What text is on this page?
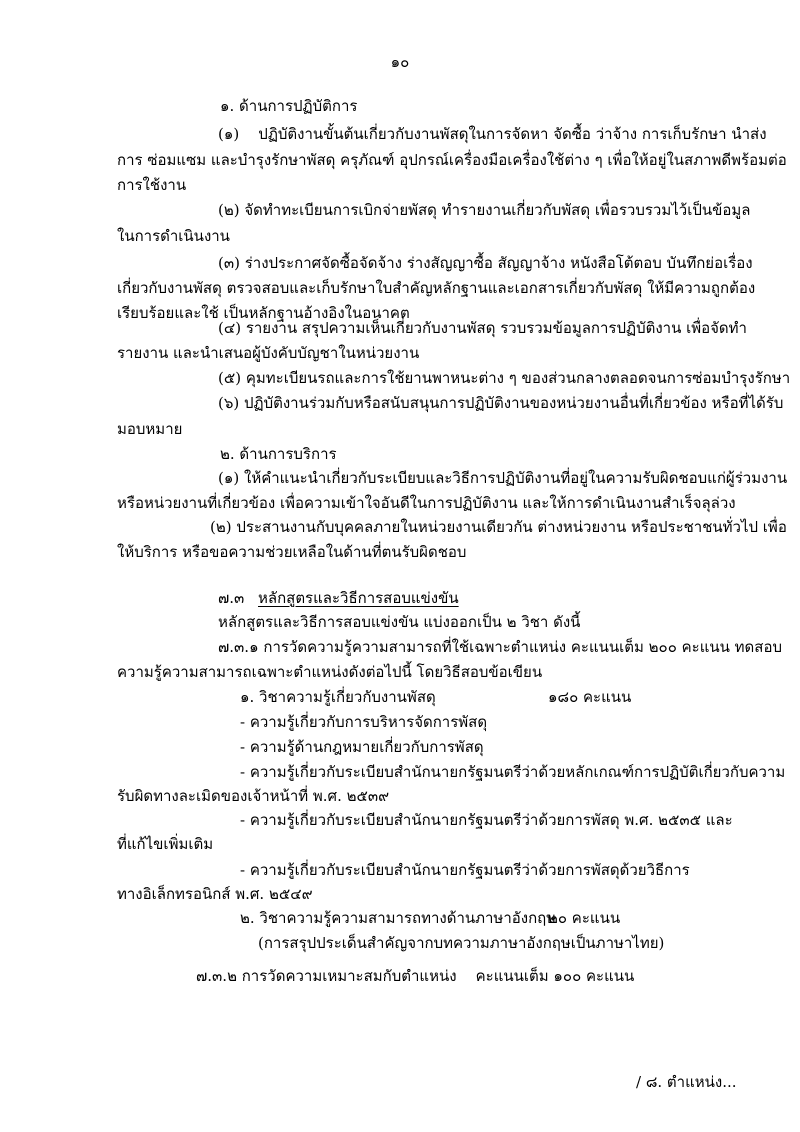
๑๐
๑. ด้านการปฏิบัติการ
(๑)    ปฏิบัติงานขั้นต้นเกี่ยวกับงานพัสดุในการจัดหา จัดซื้อ ว่าจ้าง การเก็บรักษา นำส่ง
การ ซ่อมแซม และบำรุงรักษาพัสดุ ครุภัณฑ์ อุปกรณ์เครื่องมือเครื่องใช้ต่าง ๆ เพื่อให้อยู่ในสภาพดีพร้อมต่อ
การใช้งาน
(๒) จัดทำทะเบียนการเบิกจ่ายพัสดุ ทำรายงานเกี่ยวกับพัสดุ เพื่อรวบรวมไว้เป็นข้อมูล
ในการดำเนินงาน
(๓) ร่างประกาศจัดซื้อจัดจ้าง ร่างสัญญาซื้อ สัญญาจ้าง หนังสือโต้ตอบ บันทึกย่อเรื่อง
เกี่ยวกับงานพัสดุ ตรวจสอบและเก็บรักษาใบสำคัญหลักฐานและเอกสารเกี่ยวกับพัสดุ ให้มีความถูกต้อง
เรียบร้อยและใช้ เป็นหลักฐานอ้างอิงในอนาคต
(๔) รายงาน สรุปความเห็นเกี่ยวกับงานพัสดุ รวบรวมข้อมูลการปฏิบัติงาน เพื่อจัดทำ
รายงาน และนำเสนอผู้บังคับบัญชาในหน่วยงาน
(๕) คุมทะเบียนรถและการใช้ยานพาหนะต่าง ๆ ของส่วนกลางตลอดจนการซ่อมบำรุงรักษา
(๖) ปฏิบัติงานร่วมกับหรือสนับสนุนการปฏิบัติงานของหน่วยงานอื่นที่เกี่ยวข้อง หรือที่ได้รับ
มอบหมาย
๒. ด้านการบริการ
(๑) ให้คำแนะนำเกี่ยวกับระเบียบและวิธีการปฏิบัติงานที่อยู่ในความรับผิดชอบแก่ผู้ร่วมงาน
หรือหน่วยงานที่เกี่ยวข้อง เพื่อความเข้าใจอันดีในการปฏิบัติงาน และให้การดำเนินงานสำเร็จลุล่วง
(๒) ประสานงานกับบุคคลภายในหน่วยงานเดียวกัน ต่างหน่วยงาน หรือประชาชนทั่วไป เพื่อ
ให้บริการ หรือขอความช่วยเหลือในด้านที่ตนรับผิดชอบ
๗.๓ หลักสูตรและวิธีการสอบแข่งขัน
หลักสูตรและวิธีการสอบแข่งขัน แบ่งออกเป็น ๒ วิชา ดังนี้
๗.๓.๑ การวัดความรู้ความสามารถที่ใช้เฉพาะตำแหน่ง คะแนนเต็ม ๒๐๐ คะแนน ทดสอบ
ความรู้ความสามารถเฉพาะตำแหน่งดังต่อไปนี้ โดยวิธีสอบข้อเขียน
๑. วิชาความรู้เกี่ยวกับงานพัสดุ	๑๘๐ คะแนน
- ความรู้เกี่ยวกับการบริหารจัดการพัสดุ
- ความรู้ด้านกฎหมายเกี่ยวกับการพัสดุ
- ความรู้เกี่ยวกับระเบียบสำนักนายกรัฐมนตรีว่าด้วยหลักเกณฑ์การปฏิบัติเกี่ยวกับความ
รับผิดทางละเมิดของเจ้าหน้าที่ พ.ศ. ๒๕๓๙
- ความรู้เกี่ยวกับระเบียบสำนักนายกรัฐมนตรีว่าด้วยการพัสดุ พ.ศ. ๒๕๓๕ และ
ที่แก้ไขเพิ่มเติม
- ความรู้เกี่ยวกับระเบียบสำนักนายกรัฐมนตรีว่าด้วยการพัสดุด้วยวิธีการ
ทางอิเล็กทรอนิกส์ พ.ศ. ๒๕๔๙
๒. วิชาความรู้ความสามารถทางด้านภาษาอังกฤษ
๒๐ คะแนน
(การสรุปประเด็นสำคัญจากบทความภาษาอังกฤษเป็นภาษาไทย)
๗.๓.๒ การวัดความเหมาะสมกับตำแหน่ง    คะแนนเต็ม ๑๐๐ คะแนน
/ ๘. ตำแหน่ง...
